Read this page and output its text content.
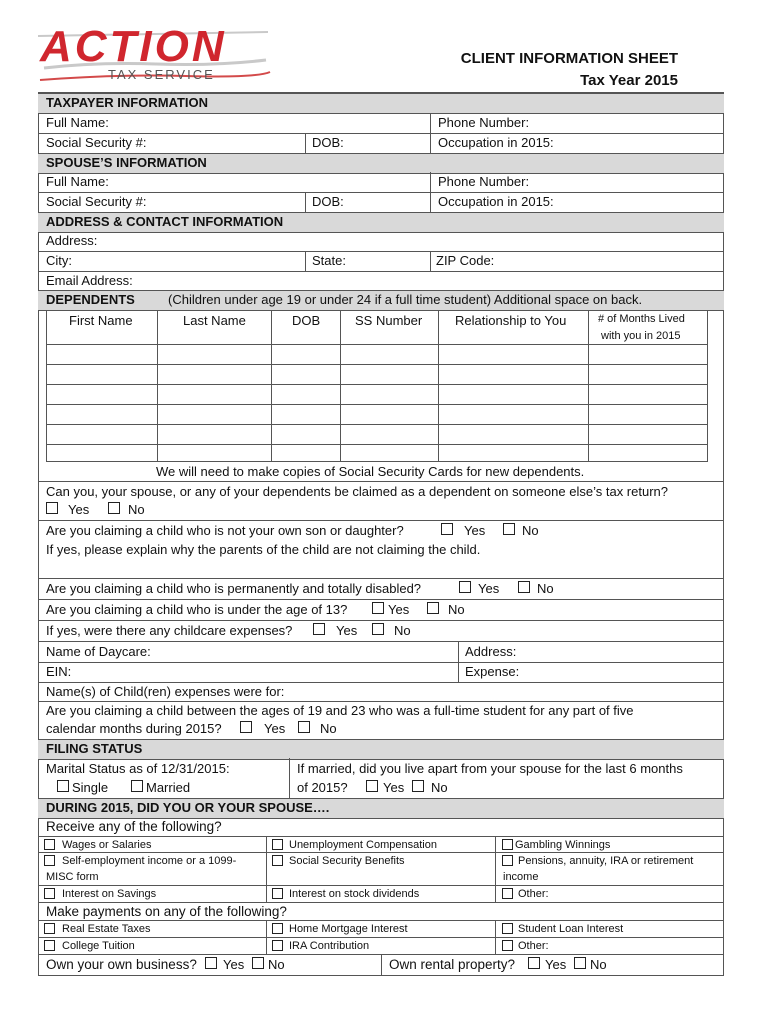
ACTION
TAX SERVICE
CLIENT INFORMATION SHEET
Tax Year 2015
TAXPAYER INFORMATION
Full Name:	Phone Number:
Social Security #:	DOB:	Occupation in 2015:
SPOUSE’S INFORMATION
Full Name:	Phone Number:
Social Security #:	DOB:	Occupation in 2015:
ADDRESS & CONTACT INFORMATION
Address:
City:	State:	ZIP Code:
Email Address:
DEPENDENTS	(Children under age 19 or under 24 if a full time student) Additional space on back.
First Name	Last Name	DOB	SS Number	Relationship to You	# of Months Lived
with you in 2015
We will need to make copies of Social Security Cards for new dependents.
Can you, your spouse, or any of your dependents be claimed as a dependent on someone else’s tax return?
Yes	No
Are you claiming a child who is not your own son or daughter?	Yes	No
If yes, please explain why the parents of the child are not claiming the child.
Are you claiming a child who is permanently and totally disabled?	Yes	No
Are you claiming a child who is under the age of 13?	Yes	No
If yes, were there any childcare expenses?	Yes	No
Name of Daycare:	Address:
EIN:	Expense:
Name(s) of Child(ren) expenses were for:
Are you claiming a child between the ages of 19 and 23 who was a full-time student for any part of five
calendar months during 2015?	Yes	No
FILING STATUS
Marital Status as of 12/31/2015:
Single	Married
If married, did you live apart from your spouse for the last 6 months
of 2015?	Yes No
DURING 2015, DID YOU OR YOUR SPOUSE….
Receive any of the following?
Wages or Salaries	Unemployment Compensation	Gambling Winnings
Self-employment income or a 1099-
MISC form
Social Security Benefits	Pensions, annuity, IRA or retirement
income
Interest on Savings	Interest on stock dividends	Other:
Make payments on any of the following?
Real Estate Taxes	Home Mortgage Interest	Student Loan Interest
College Tuition	IRA Contribution	Other:
Own your own business? Yes No	Own rental property? Yes No
